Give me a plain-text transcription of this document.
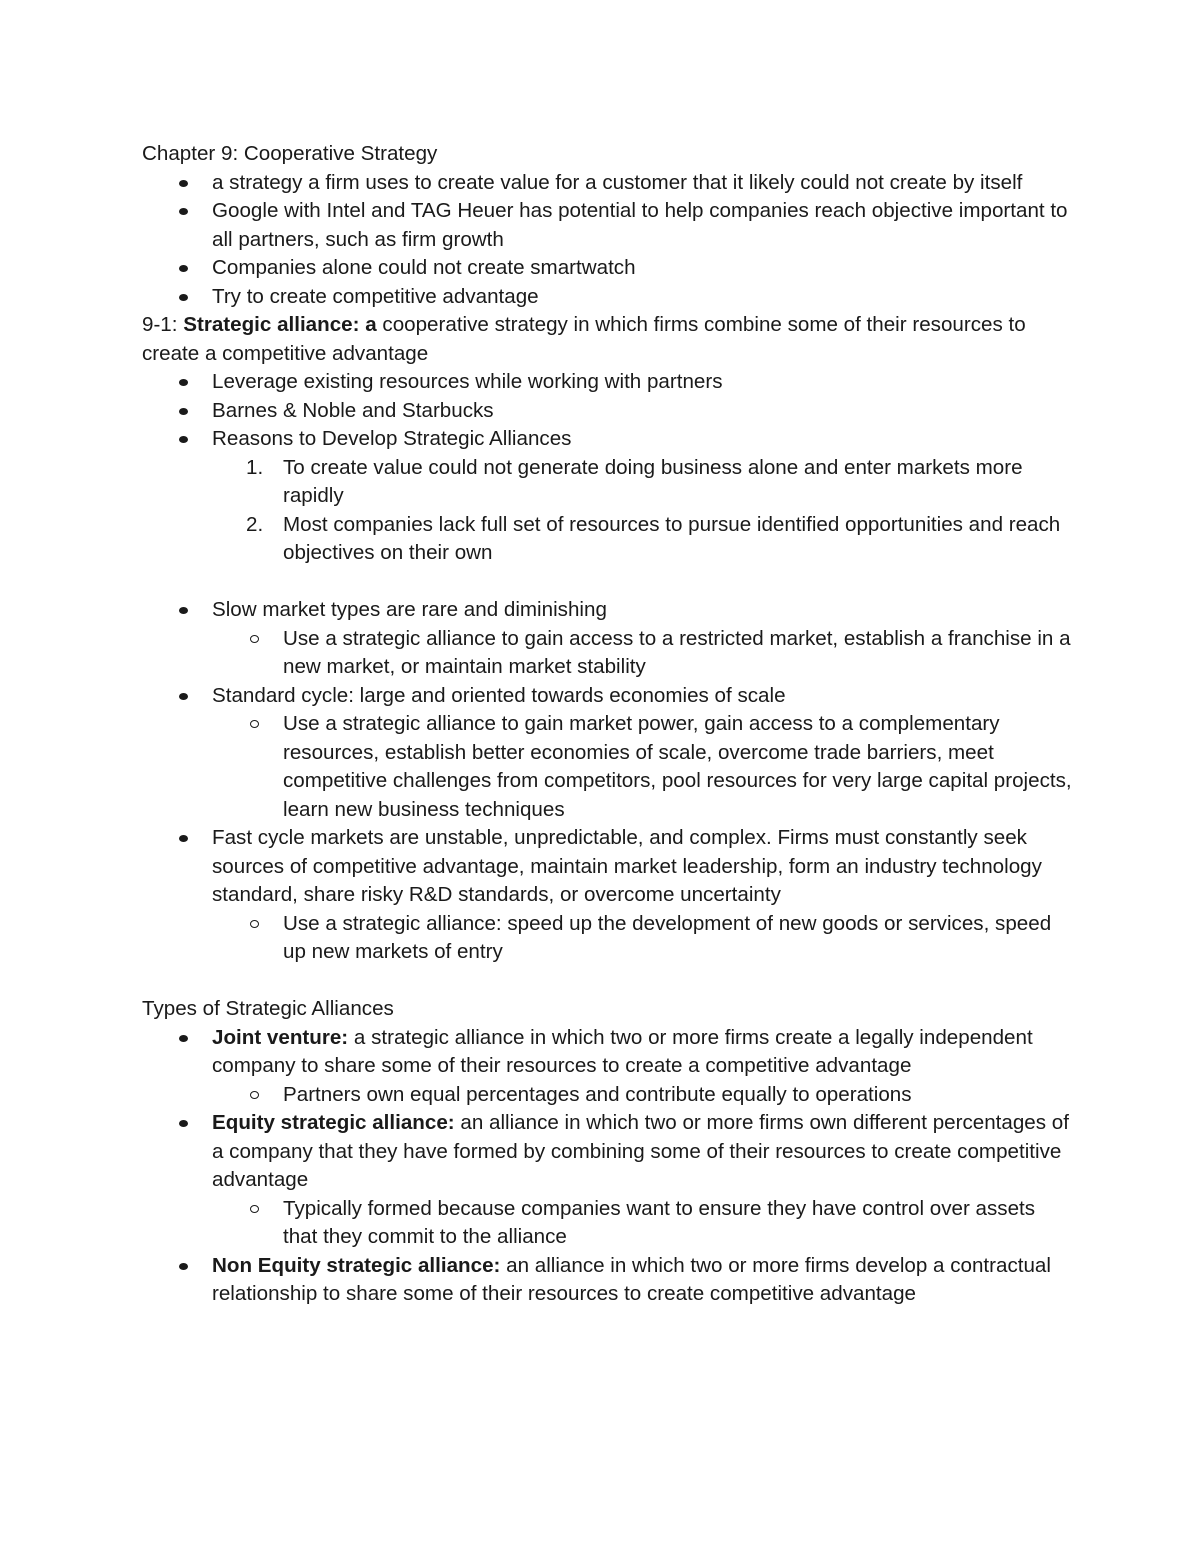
Chapter 9: Cooperative Strategy

a strategy a firm uses to create value for a customer that it likely could not create by itself
Google with Intel and TAG Heuer has potential to help companies reach objective important to all partners, such as firm growth
Companies alone could not create smartwatch
Try to create competitive advantage

9-1: Strategic alliance: a cooperative strategy in which firms combine some of their resources to create a competitive advantage

Leverage existing resources while working with partners
Barnes & Noble and Starbucks
Reasons to Develop Strategic Alliances
1. To create value could not generate doing business alone and enter markets more rapidly
2. Most companies lack full set of resources to pursue identified opportunities and reach objectives on their own
Slow market types are rare and diminishing
Use a strategic alliance to gain access to a restricted market, establish a franchise in a new market, or maintain market stability
Standard cycle: large and oriented towards economies of scale
Use a strategic alliance to gain market power, gain access to a complementary resources, establish better economies of scale, overcome trade barriers, meet competitive challenges from competitors, pool resources for very large capital projects, learn new business techniques
Fast cycle markets are unstable, unpredictable, and complex. Firms must constantly seek sources of competitive advantage, maintain market leadership, form an industry technology standard, share risky R&D standards, or overcome uncertainty
Use a strategic alliance: speed up the development of new goods or services, speed up new markets of entry

Types of Strategic Alliances

Joint venture: a strategic alliance in which two or more firms create a legally independent company to share some of their resources to create a competitive advantage
Partners own equal percentages and contribute equally to operations
Equity strategic alliance: an alliance in which two or more firms own different percentages of a company that they have formed by combining some of their resources to create competitive advantage
Typically formed because companies want to ensure they have control over assets that they commit to the alliance
Non Equity strategic alliance: an alliance in which two or more firms develop a contractual relationship to share some of their resources to create competitive advantage
